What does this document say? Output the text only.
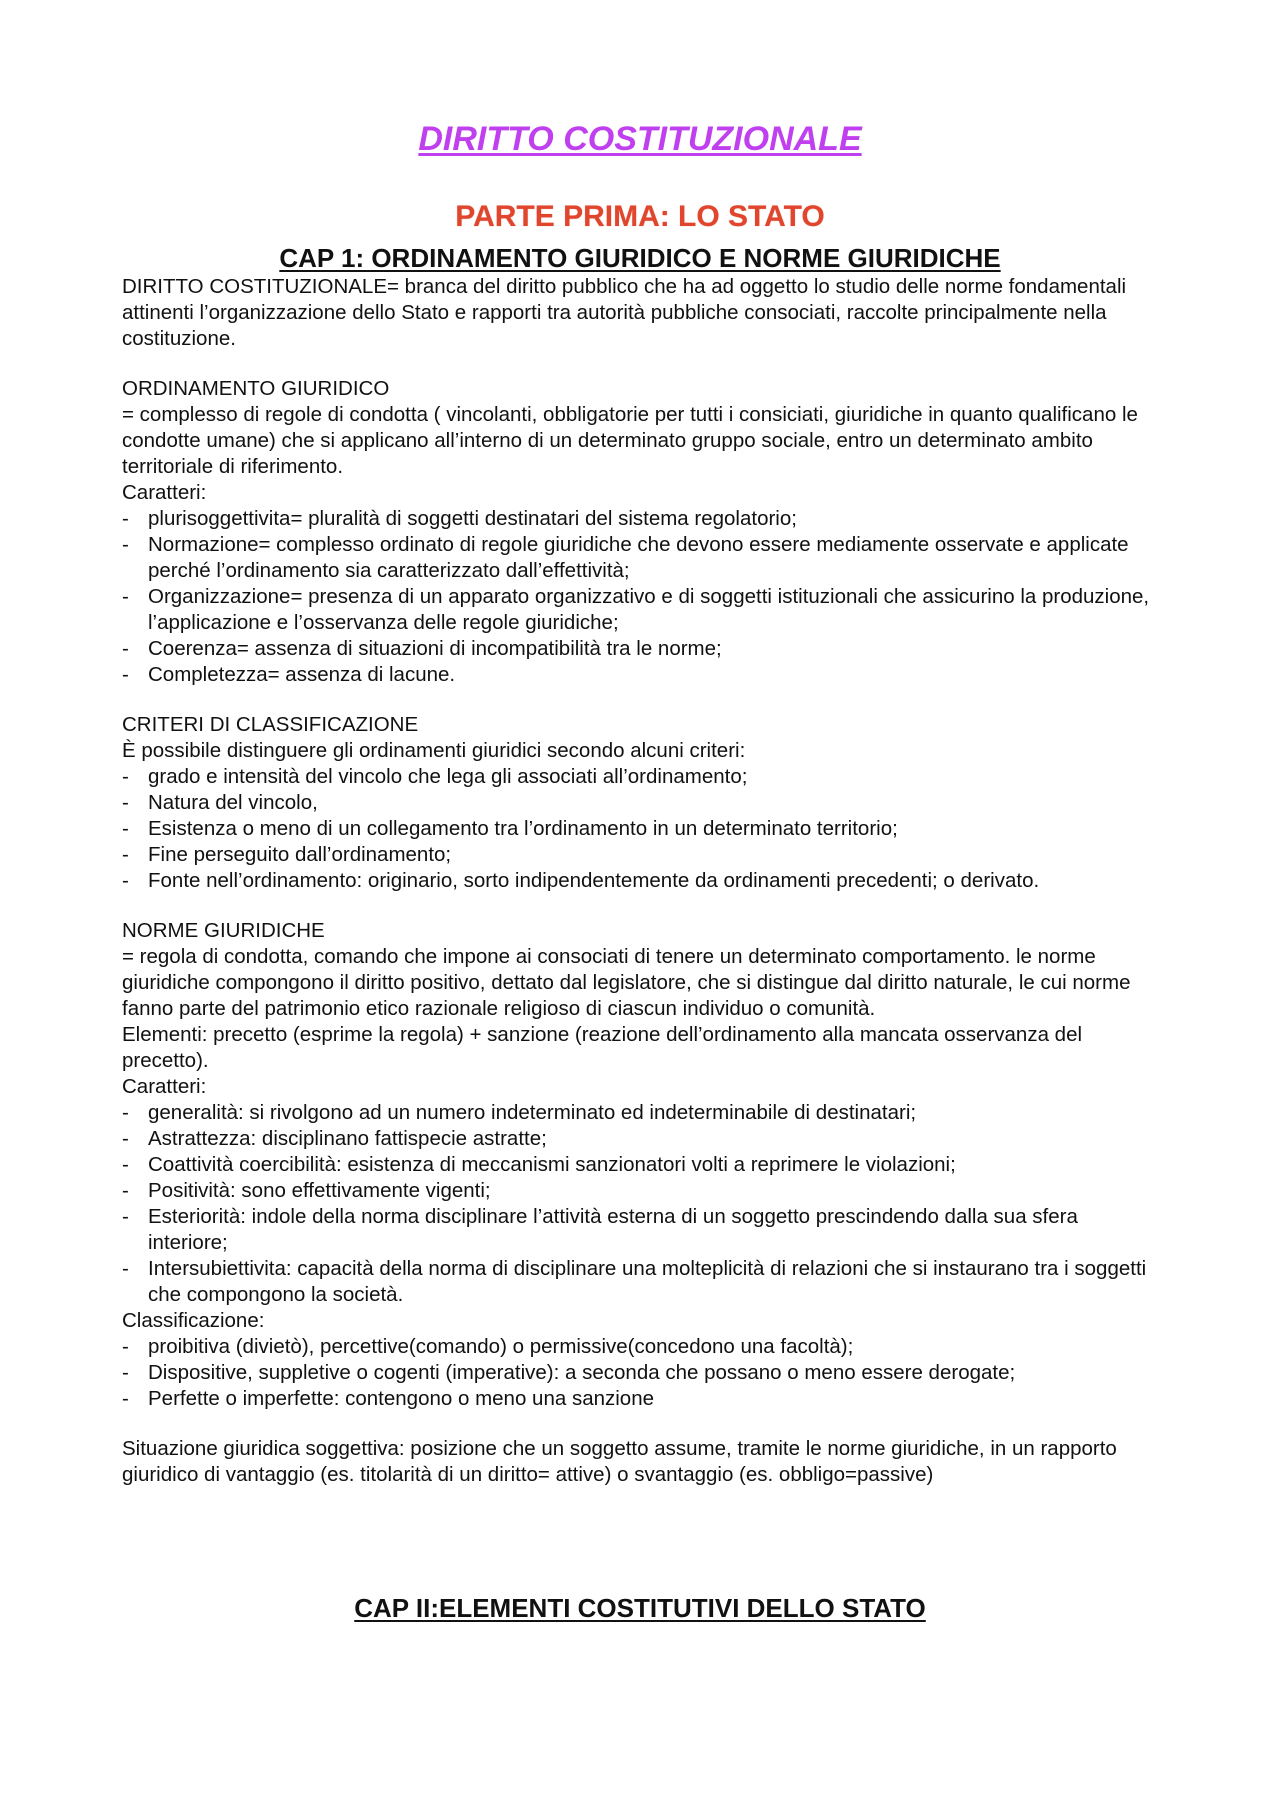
DIRITTO COSTITUZIONALE
PARTE PRIMA: LO STATO
CAP 1: ORDINAMENTO GIURIDICO E NORME GIURIDICHE

DIRITTO COSTITUZIONALE= branca del diritto pubblico che ha ad oggetto lo studio delle norme fondamentali attinenti l’organizzazione dello Stato e rapporti tra autorità pubbliche consociati, raccolte principalmente nella costituzione.

ORDINAMENTO GIURIDICO

= complesso di regole di condotta ( vincolanti, obbligatorie per tutti i consiciati, giuridiche in quanto qualificano le condotte umane) che si applicano all’interno di un determinato gruppo sociale, entro un determinato ambito territoriale di riferimento.

Caratteri:

- plurisoggettivita= pluralità di soggetti destinatari del sistema regolatorio;
- Normazione= complesso ordinato di regole giuridiche che devono essere mediamente osservate e applicate perché l’ordinamento sia caratterizzato dall’effettività;
- Organizzazione= presenza di un apparato organizzativo e di soggetti istituzionali che assicurino la produzione, l’applicazione e l’osservanza delle regole giuridiche;
- Coerenza= assenza di situazioni di incompatibilità tra le norme;
- Completezza= assenza di lacune.

CRITERI DI CLASSIFICAZIONE

È possibile distinguere gli ordinamenti giuridici secondo alcuni criteri:

- grado e intensità del vincolo che lega gli associati all’ordinamento;
- Natura del vincolo,
- Esistenza o meno di un collegamento tra l’ordinamento in un determinato territorio;
- Fine perseguito dall’ordinamento;
- Fonte nell’ordinamento: originario, sorto indipendentemente da ordinamenti precedenti; o derivato.

NORME GIURIDICHE

= regola di condotta, comando che impone ai consociati di tenere un determinato comportamento. le norme giuridiche compongono il diritto positivo, dettato dal legislatore, che si distingue dal diritto naturale, le cui norme fanno parte del patrimonio etico razionale religioso di ciascun individuo o comunità.

Elementi: precetto (esprime la regola) + sanzione (reazione dell’ordinamento alla mancata osservanza del precetto).

Caratteri:

- generalità: si rivolgono ad un numero indeterminato ed indeterminabile di destinatari;
- Astrattezza: disciplinano fattispecie astratte;
- Coattività coercibilità: esistenza di meccanismi sanzionatori volti a reprimere le violazioni;
- Positività: sono effettivamente vigenti;
- Esteriorità: indole della norma disciplinare l’attività esterna di un soggetto prescindendo dalla sua sfera interiore;
- Intersubiettivita: capacità della norma di disciplinare una molteplicità di relazioni che si instaurano tra i soggetti che compongono la società.

Classificazione:

- proibitiva (divietò), percettive(comando) o permissive(concedono una facoltà);
- Dispositive, suppletive o cogenti (imperative): a seconda che possano o meno essere derogate;
- Perfette o imperfette: contengono o meno una sanzione

Situazione giuridica soggettiva: posizione che un soggetto assume, tramite le norme giuridiche, in un rapporto giuridico di vantaggio (es. titolarità di un diritto= attive) o svantaggio (es. obbligo=passive)

CAP II:ELEMENTI COSTITUTIVI DELLO STATO
